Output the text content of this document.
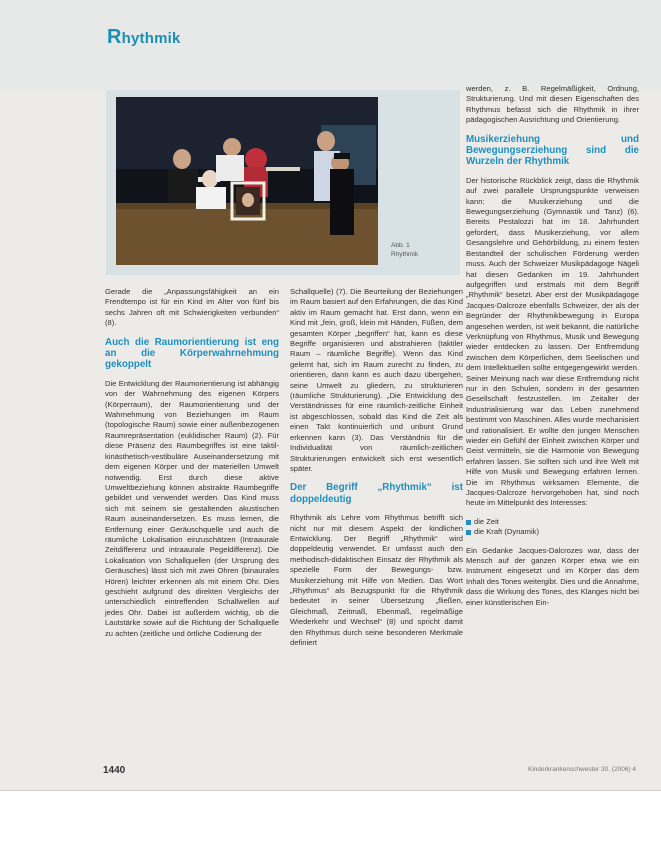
Rhythmik
Abb. 1
Rhythmik

Gerade die „Anpassungsfähigkeit an ein Frendtempo ist für ein Kind im Alter von fünf bis sechs Jahren oft mit Schwierigkeiten verbunden“ (8).

Auch die Raumorientierung ist eng an die Körperwahrnehmung gekoppelt

Die Entwicklung der Raumorientierung ist abhängig von der Wahrnehmung des eigenen Körpers (Körperraum), der Raumorientierung und der Wahrnehmung von Beziehungen im Raum (topologische Raum) sowie einer außenbezogenen Raumrepräsentation (euklidischer Raum) (2). Für diese Präsenz des Raumbegriffes ist eine taktil-kinästhetisch-vestibuläre Auseinandersetzung mit dem eigenen Körper und der materiellen Umwelt notwendig. Erst durch diese aktive Umweltbeziehung können abstrakte Raumbegriffe gebildet und verwendet werden. Das Kind muss sich mit seinem sie gestaltenden akustischen Raum auseinandersetzen. Es muss lernen, die Entfernung einer Geräuschquelle und auch die räumliche Lokalisation einzuschätzen (Intraaurale Zeitdifferenz und intraaurale Pegeldifferenz). Die Lokalisation von Schallquellen (der Ursprung des Geräusches) lässt sich mit zwei Ohren (binaurales Hören) leichter erkennen als mit einem Ohr. Dies geschieht aufgrund des direkten Vergleichs der unterschiedlich eintreffenden Schallwellen auf jedes Ohr. Dabei ist außerdem wichtig, ob die Lautstärke sowie auf die Richtung der Schallquelle zu achten (zeitliche und örtliche Codierung der

Schallquelle) (7). Die Beurteilung der Beziehungen im Raum basiert auf den Erfahrungen, die das Kind aktiv im Raum gemacht hat. Erst dann, wenn ein Kind mit „fein, groß, klein mit Händen, Füßen, dem gesamten Körper „begriffen“ hat, kann es diese Begriffe organisieren und abstrahieren (taktiler Raum – räumliche Begriffe). Wenn das Kind gelernt hat, sich im Raum zurecht zu finden, zu orientieren, dann kann es auch dazu übergehen, seine Umwelt zu gliedern, zu strukturieren (räumliche Strukturierung). „Die Entwicklung des Verständnisses für eine räumlich-zeitliche Einheit ist abgeschlossen, sobald das Kind die Zeit als einen Takt kontinuierlich und unbunt Grund erkennen kann (3). Das Verständnis für die Individualität von räumlich-zeitlichen Strukturierungen entwickelt sich erst wesentlich später.

Der Begriff „Rhythmik“ ist doppeldeutig

Rhythmik als Lehre vom Rhythmus betrifft sich nicht nur mit diesem Aspekt der kindlichen Entwicklung. Der Begriff „Rhythmik“ wird doppeldeutig verwendet. Er umfasst auch den methodisch-didaktischen Einsatz der Rhythmik als spezielle Form der Bewegungs- bzw. Musikerziehung mit Hilfe von Medien. Das Wort „Rhythmus“ als Bezugspunkt für die Rhythmik bedeutet in seiner Übersetzung „fließen, Gleichmaß, Zeitmaß, Ebenmaß, regelmäßige Wiederkehr und Wechsel“ (8) und spricht damit den Rhythmus durch seine besonderen Merkmale definiert

werden, z. B. Regelmäßigkeit, Ordnung, Strukturierung. Und mit diesen Eigenschaften des Rhythmus befasst sich die Rhythmik in ihrer pädagogischen Ausrichtung und Orientierung.

Musikerziehung und Bewegungserziehung sind die Wurzeln der Rhythmik

Der historische Rückblick zeigt, dass die Rhythmik auf zwei parallele Ursprungspunkte verweisen kann: die Musikerziehung und die Bewegungserziehung (Gymnastik und Tanz) (6). Bereits Pestalozzi hat im 18. Jahrhundert gefordert, dass Musikerziehung, vor allem Gesangslehre und Gehörbildung, zu einem festen Bestandteil der schulischen Förderung werden muss. Auch der Schweizer Musikpädagoge Nägeli hat diesen Gedanken im 19. Jahrhundert aufgegriffen und erstmals mit dem Begriff „Rhythmik“ besetzt. Aber erst der Musikpädagoge Jacques-Dalcroze ebenfalls Schweizer, der als der Begründer der Rhythmikbewegung in Europa angesehen werden, ist weit bekannt, die natürliche Verknüpfung von Rhythmus, Musik und Bewegung wieder entdecken zu lassen. Der Entfremdung zwischen dem Körperlichen, dem Seelischen und dem Intellektuellen sollte entgegengewirkt werden. Seiner Meinung nach war diese Entfremdung nicht nur in den Schulen, sondern in der gesamten Gesellschaft festzustellen. Im Zeitalter der Industrialisierung war das Leben zunehmend bestimmt von Maschinen. Alles wurde mechanisiert und rationalisiert. Er wollte den jungen Menschen wieder ein Gefühl der Einheit zwischen Körper und Geist vermitteln, sie die Harmonie von Bewegung erfahren lassen. Sie sollten sich und ihre Welt mit Hilfe von Musik und Bewegung erfahren lernen. Die im Rhythmus wirksamen Elemente, die Jacques-Dalcroze hervorgehoben hat, sind noch heute im Mittelpunkt des Interesses:

die Zeit
die Kraft (Dynamik)

Ein Gedanke Jacques-Dalcrozes war, dass der Mensch auf der ganzen Körper etwa wie ein Instrument eingesetzt und im Körper das dem Inhalt des Tones weitergibt. Dies und die Annahme, dass die Wirkung des Tones, des Klanges nicht bei einer künstlerischen Ein-

1440	Kinderkrankenschwester 30. (2006) 4
